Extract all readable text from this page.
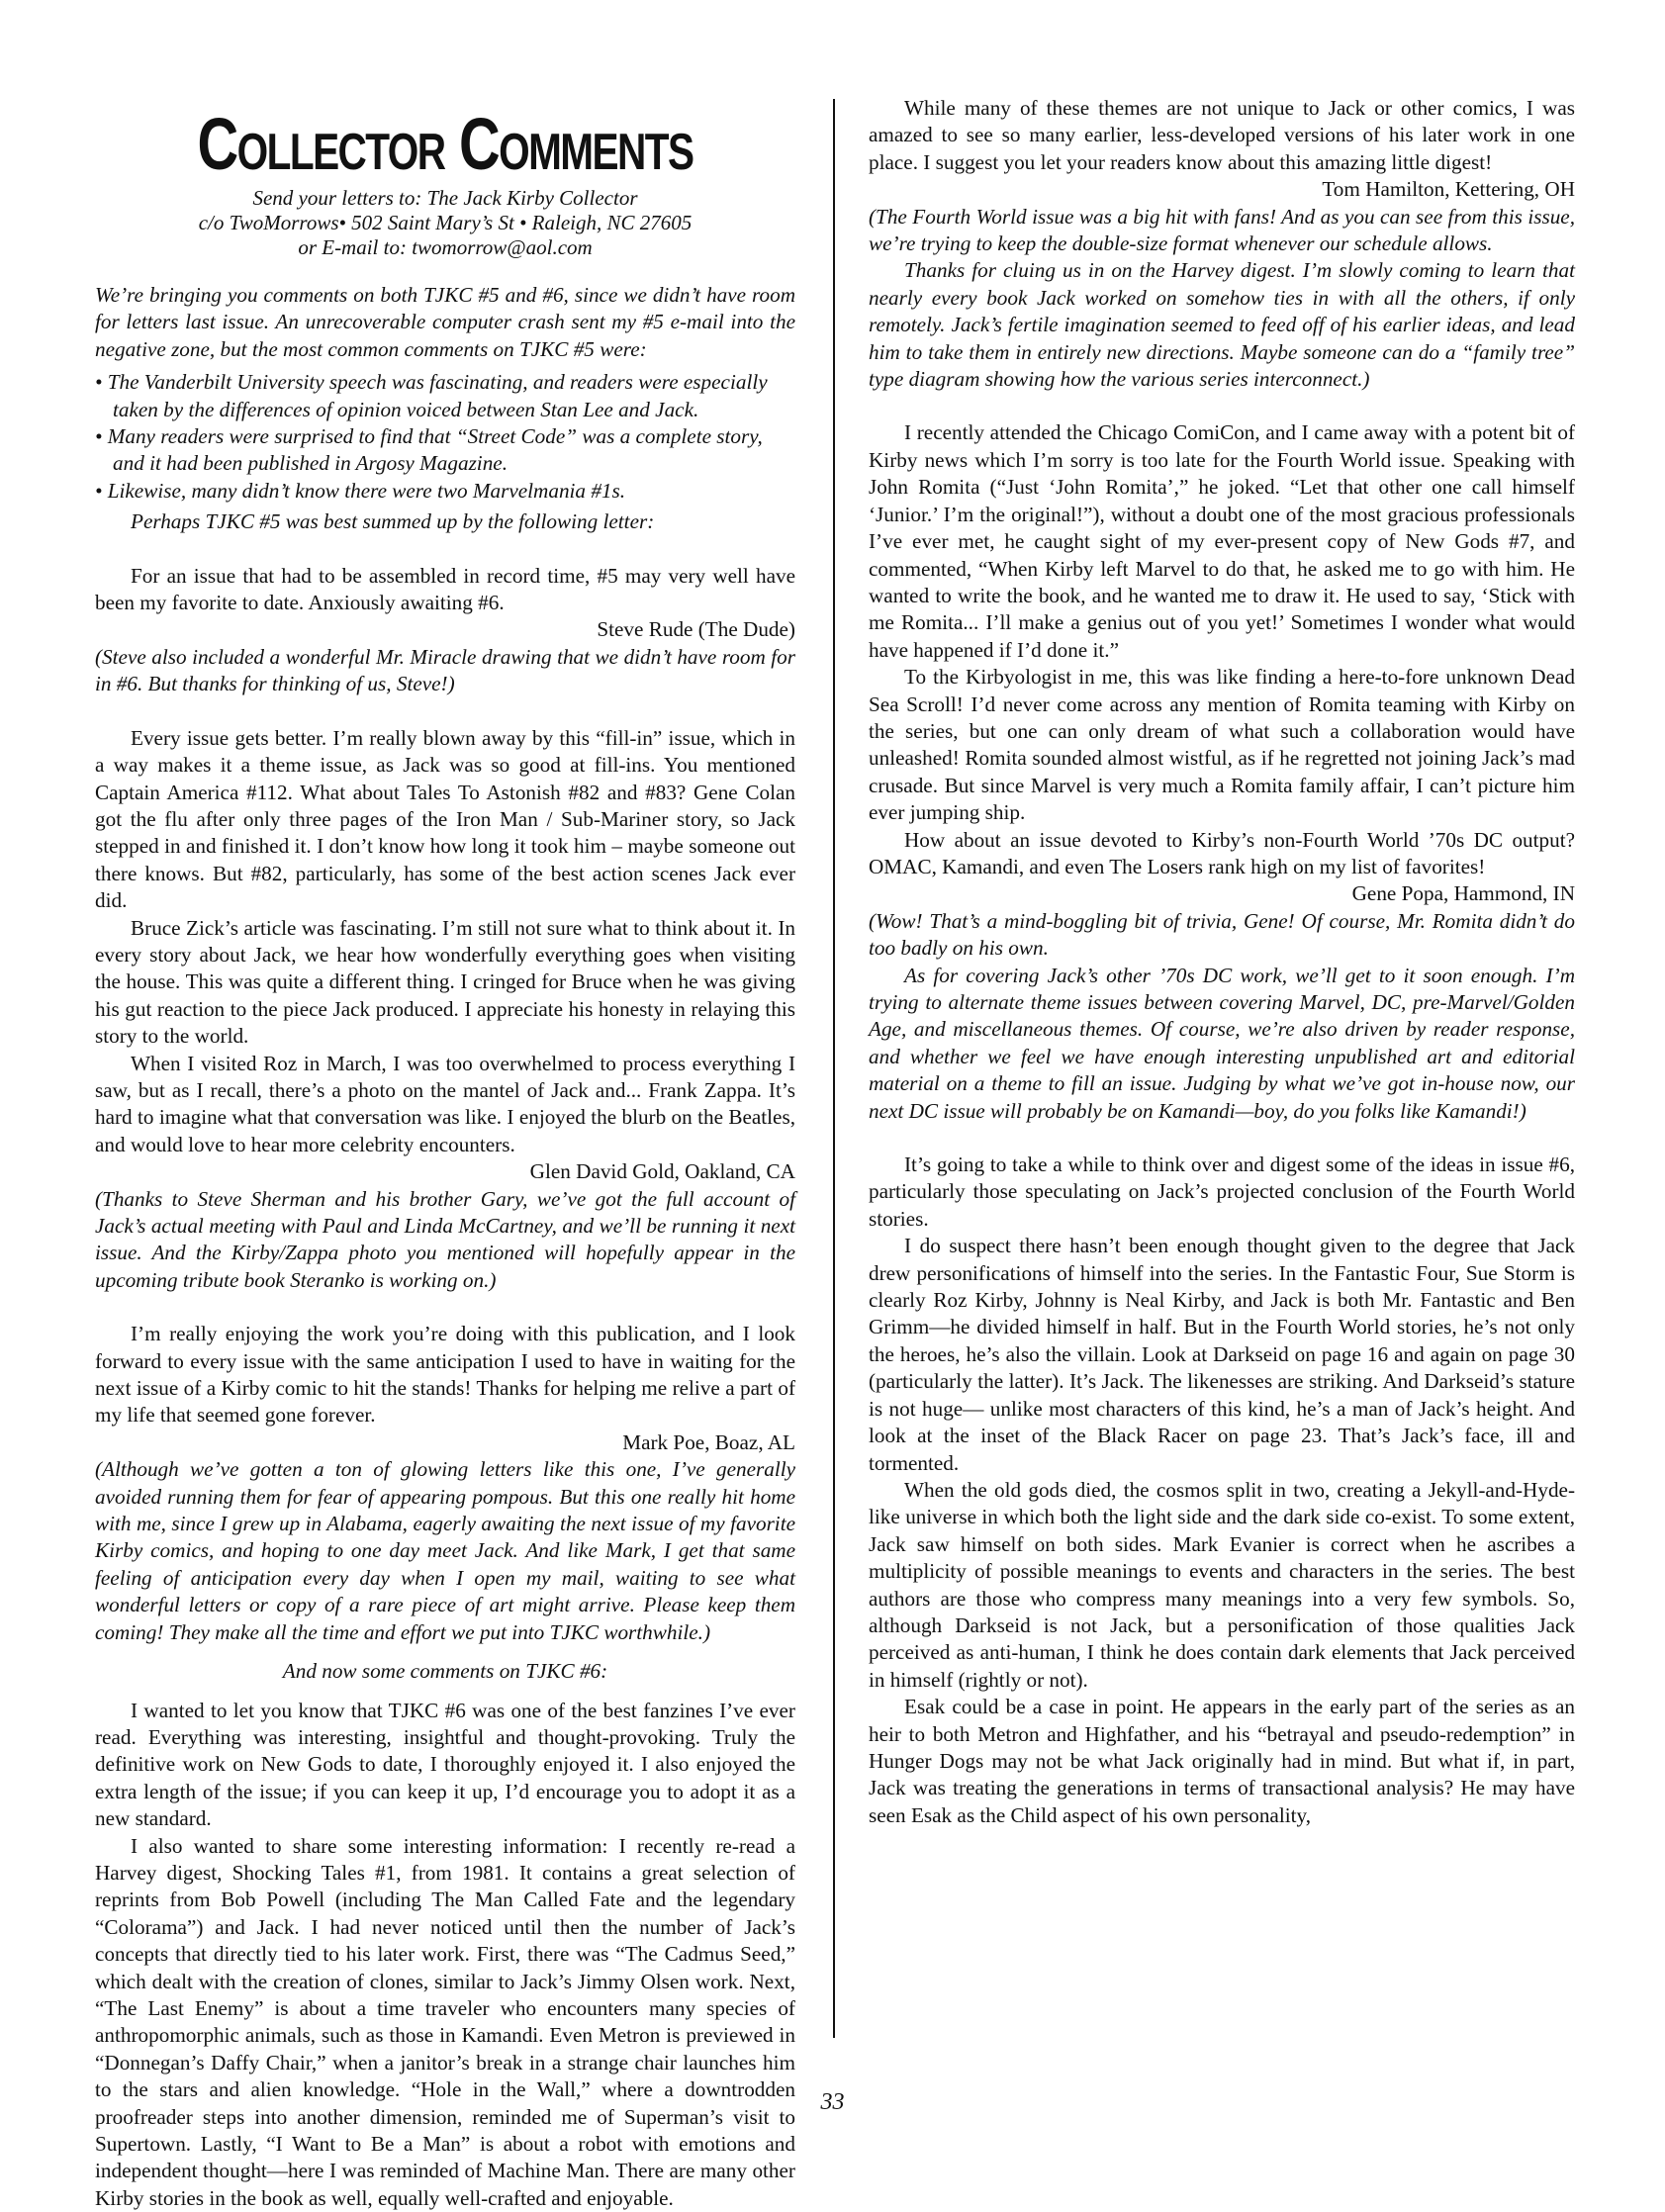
Collector Comments

Send your letters to: The Jack Kirby Collector

c/o TwoMorrows• 502 Saint Mary’s St • Raleigh, NC 27605

or E-mail to: twomorrow@aol.com

We’re bringing you comments on both TJKC #5 and #6, since we didn’t have room for letters last issue. An unrecoverable computer crash sent my #5 e-mail into the negative zone, but the most common comments on TJKC #5 were:

• The Vanderbilt University speech was fascinating, and readers were especially taken by the differences of opinion voiced between Stan Lee and Jack.
• Many readers were surprised to find that “Street Code” was a complete story, and it had been published in Argosy Magazine.
• Likewise, many didn’t know there were two Marvelmania #1s.

Perhaps TJKC #5 was best summed up by the following letter:

For an issue that had to be assembled in record time, #5 may very well have been my favorite to date. Anxiously awaiting #6.

Steve Rude (The Dude)

(Steve also included a wonderful Mr. Miracle drawing that we didn’t have room for in #6. But thanks for thinking of us, Steve!)

Every issue gets better. I’m really blown away by this “fill-in” issue, which in a way makes it a theme issue, as Jack was so good at fill-ins. You mentioned Captain America #112. What about Tales To Astonish #82 and #83? Gene Colan got the flu after only three pages of the Iron Man / Sub-Mariner story, so Jack stepped in and finished it. I don’t know how long it took him – maybe someone out there knows. But #82, particularly, has some of the best action scenes Jack ever did.

Bruce Zick’s article was fascinating. I’m still not sure what to think about it. In every story about Jack, we hear how wonderfully everything goes when visiting the house. This was quite a different thing. I cringed for Bruce when he was giving his gut reaction to the piece Jack produced. I appreciate his honesty in relaying this story to the world.

When I visited Roz in March, I was too overwhelmed to process everything I saw, but as I recall, there’s a photo on the mantel of Jack and... Frank Zappa. It’s hard to imagine what that conversation was like. I enjoyed the blurb on the Beatles, and would love to hear more celebrity encounters.

Glen David Gold, Oakland, CA

(Thanks to Steve Sherman and his brother Gary, we’ve got the full account of Jack’s actual meeting with Paul and Linda McCartney, and we’ll be running it next issue. And the Kirby/Zappa photo you mentioned will hopefully appear in the upcoming tribute book Steranko is working on.)

I’m really enjoying the work you’re doing with this publication, and I look forward to every issue with the same anticipation I used to have in waiting for the next issue of a Kirby comic to hit the stands! Thanks for helping me relive a part of my life that seemed gone forever.

Mark Poe, Boaz, AL

(Although we’ve gotten a ton of glowing letters like this one, I’ve generally avoided running them for fear of appearing pompous. But this one really hit home with me, since I grew up in Alabama, eagerly awaiting the next issue of my favorite Kirby comics, and hoping to one day meet Jack. And like Mark, I get that same feeling of anticipation every day when I open my mail, waiting to see what wonderful letters or copy of a rare piece of art might arrive. Please keep them coming! They make all the time and effort we put into TJKC worthwhile.)

And now some comments on TJKC #6:

I wanted to let you know that TJKC #6 was one of the best fanzines I’ve ever read. Everything was interesting, insightful and thought-provoking. Truly the definitive work on New Gods to date, I thoroughly enjoyed it. I also enjoyed the extra length of the issue; if you can keep it up, I’d encourage you to adopt it as a new standard.

I also wanted to share some interesting information: I recently re-read a Harvey digest, Shocking Tales #1, from 1981. It contains a great selection of reprints from Bob Powell (including The Man Called Fate and the legendary “Colorama”) and Jack. I had never noticed until then the number of Jack’s concepts that directly tied to his later work. First, there was “The Cadmus Seed,” which dealt with the creation of clones, similar to Jack’s Jimmy Olsen work. Next, “The Last Enemy” is about a time traveler who encounters many species of anthropomorphic animals, such as those in Kamandi. Even Metron is previewed in “Donnegan’s Daffy Chair,” when a janitor’s break in a strange chair launches him to the stars and alien knowledge. “Hole in the Wall,” where a downtrodden proofreader steps into another dimension, reminded me of Superman’s visit to Supertown. Lastly, “I Want to Be a Man” is about a robot with emotions and independent thought—here I was reminded of Machine Man. There are many other Kirby stories in the book as well, equally well-crafted and enjoyable.

While many of these themes are not unique to Jack or other comics, I was amazed to see so many earlier, less-developed versions of his later work in one place. I suggest you let your readers know about this amazing little digest!

Tom Hamilton, Kettering, OH

(The Fourth World issue was a big hit with fans! And as you can see from this issue, we’re trying to keep the double-size format whenever our schedule allows.

Thanks for cluing us in on the Harvey digest. I’m slowly coming to learn that nearly every book Jack worked on somehow ties in with all the others, if only remotely. Jack’s fertile imagination seemed to feed off of his earlier ideas, and lead him to take them in entirely new directions. Maybe someone can do a “family tree” type diagram showing how the various series interconnect.)

I recently attended the Chicago ComiCon, and I came away with a potent bit of Kirby news which I’m sorry is too late for the Fourth World issue. Speaking with John Romita (“Just ‘John Romita’,” he joked. “Let that other one call himself ‘Junior.’ I’m the original!”), without a doubt one of the most gracious professionals I’ve ever met, he caught sight of my ever-present copy of New Gods #7, and commented, “When Kirby left Marvel to do that, he asked me to go with him. He wanted to write the book, and he wanted me to draw it. He used to say, ‘Stick with me Romita... I’ll make a genius out of you yet!’ Sometimes I wonder what would have happened if I’d done it.”

To the Kirbyologist in me, this was like finding a here-to-fore unknown Dead Sea Scroll! I’d never come across any mention of Romita teaming with Kirby on the series, but one can only dream of what such a collaboration would have unleashed! Romita sounded almost wistful, as if he regretted not joining Jack’s mad crusade. But since Marvel is very much a Romita family affair, I can’t picture him ever jumping ship.

How about an issue devoted to Kirby’s non-Fourth World ’70s DC output? OMAC, Kamandi, and even The Losers rank high on my list of favorites!

Gene Popa, Hammond, IN

(Wow! That’s a mind-boggling bit of trivia, Gene! Of course, Mr. Romita didn’t do too badly on his own.

As for covering Jack’s other ’70s DC work, we’ll get to it soon enough. I’m trying to alternate theme issues between covering Marvel, DC, pre-Marvel/Golden Age, and miscellaneous themes. Of course, we’re also driven by reader response, and whether we feel we have enough interesting unpublished art and editorial material on a theme to fill an issue. Judging by what we’ve got in-house now, our next DC issue will probably be on Kamandi—boy, do you folks like Kamandi!)

It’s going to take a while to think over and digest some of the ideas in issue #6, particularly those speculating on Jack’s projected conclusion of the Fourth World stories.

I do suspect there hasn’t been enough thought given to the degree that Jack drew personifications of himself into the series. In the Fantastic Four, Sue Storm is clearly Roz Kirby, Johnny is Neal Kirby, and Jack is both Mr. Fantastic and Ben Grimm—he divided himself in half. But in the Fourth World stories, he’s not only the heroes, he’s also the villain. Look at Darkseid on page 16 and again on page 30 (particularly the latter). It’s Jack. The likenesses are striking. And Darkseid’s stature is not huge— unlike most characters of this kind, he’s a man of Jack’s height. And look at the inset of the Black Racer on page 23. That’s Jack’s face, ill and tormented.

When the old gods died, the cosmos split in two, creating a Jekyll-and-Hyde-like universe in which both the light side and the dark side co-exist. To some extent, Jack saw himself on both sides. Mark Evanier is correct when he ascribes a multiplicity of possible meanings to events and characters in the series. The best authors are those who compress many meanings into a very few symbols. So, although Darkseid is not Jack, but a personification of those qualities Jack perceived as anti-human, I think he does contain dark elements that Jack perceived in himself (rightly or not).

Esak could be a case in point. He appears in the early part of the series as an heir to both Metron and Highfather, and his “betrayal and pseudo-redemption” in Hunger Dogs may not be what Jack originally had in mind. But what if, in part, Jack was treating the generations in terms of transactional analysis? He may have seen Esak as the Child aspect of his own personality,

33
